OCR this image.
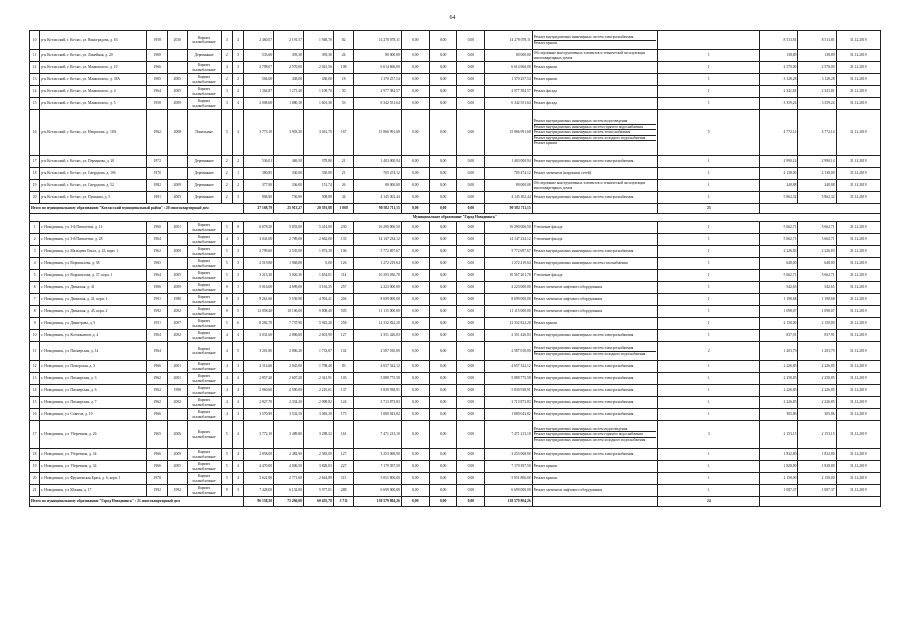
64
10	р-н Котласский, г. Котлас, ул. Виноградова, д. 63	1958	2010	Кирпич шлакоблочные	3	4	2 460,07	2 191,57	1 948,70	82	14 278 078,11	0,00	0,00	0,00	14 278 078,11	Ремонт внутридомовых инженерных систем электроснабжения
Ремонт крыши		8 513,81	8 513,81	31.12.2019
11	р-н Котласский, г. Котлас, ул. Линейная, д. 20	1960		Деревянные	2	3	533,60	393,30	393,30	24	80 000,00	0,00	0,00	0,00	80 000,00	Обследование конструктивных элементов и технической эксплуатации многоквартирных домов	1	138,89	138,89	31.12.2019
12	р-н Котласский, г. Котлас, ул. Маяковского, д. 10	1966		Кирпич шлакоблочные	4	3	2 798,07	2 570,00	2 041,56	108	6 614 666,00	0,00	0,00	0,00	6 614 666,00	Ремонт крыши	1	2 570,00	2 570,00	31.12.2019
13	р-н Котласский, г. Котлас, ул. Маяковского, д. 38А	1985	2005	Кирпич шлакоблочные	2	2	504,00	438,00	438,00	18	1 370 257,54	0,00	0,00	0,00	1 370 257,54	Ремонт крыши	1	3 128,28	3 128,28	31.12.2019
14	р-н Котласский, г. Котлас, ул. Маяковского, д. 4	1964	2005	Кирпич шлакоблочные	3	2	1 364,87	1 271,40	1 109,70	50	2 977 384,57	0,00	0,00	0,00	2 977 384,57	Ремонт фасада	1	2 341,81	2 341,81	31.12.2019
15	р-н Котласский, г. Котлас, ул. Маяковского, д. 5	1958	2009	Кирпич шлакоблочные	3	4	2 008,60	1 880,10	1 601,30	53	6 342 551,64	0,00	0,00	0,00	6 342 551,64	Ремонт фасада	1	3 359,24	3 359,24	31.12.2019
16	р-н Котласский, г. Котлас, ул. Некрасова, д. 18А	1962	2008	Панельные	5	4	3 773,10	3 903,30	3 041,70	167	15 866 991,68	0,00	0,00	0,00	15 866 991,68	Ремонт внутридомовых инженерных систем водоотведения
Ремонт внутридомовых инженерных систем горячего водоснабжения
Ремонт внутридомовых инженерных систем теплоснабжения
Ремонт внутридомовых инженерных систем холодного водоснабжения
Ремонт крыши	5	4 772,14	4 772,14	31.12.2019
17	р-н Котласский, г. Котлас, ул. Пермякова, д. 20	1972		Деревянные	2	2	536,01	469,50	378,80	21	1 403 000,94	0,00	0,00	0,00	1 403 000,94	Ремонт внутридомовых инженерных систем электроснабжения	1	2 990,14	2 990,14	31.12.2019
18	р-н Котласский, г. Котлас, ул. Свердлова, д. 10б	1970		Деревянные	2	1	380,85	330,00	330,00	21	705 474,12	0,00	0,00	0,00	705 474,12	Ремонт элементов (наружных сетей)	1	2 138,00	2 138,00	31.12.2019
19	р-н Котласский, г. Котлас, ул. Свердлова, д. 52	1982	2009	Деревянные	2	2	377,90	336,00	151,74	26	80 000,00	0,00	0,00	0,00	80 000,00	Обследование конструктивных элементов и технической эксплуатации многоквартирных домов	1	240,88	240,88	31.12.2019
20	р-н Котласский, г. Котлас, ул. Пушкина, д. 5	1981	2005	Деревянные	2	3	806,90	736,90	508,88	34	4 145 302,44	0,00	0,00	0,00	4 145 302,44	Ремонт внутридомовых инженерных систем электроснабжения	1	5 862,32	5 862,32	31.12.2019
Итого по муниципальному образованию "Котласский муниципальный район" : 20 многоквартирный дом							27 168,79	25 913,27	20 391,88	1 068	90 582 711,15	0,00	0,00	0,00	90 582 711,15		25			
Муниципальное образование "Город Новодвинск"																				
1	г. Новодвинск, ул. 3-й Пятилетки, д. 14	1960	2001	Кирпич шлакоблочные	5	8	6 078,50	5 833,00	5 414,00	230	16 290 006,50	0,00	0,00	0,00	16 290 006,50	Утепление фасада	1	5 662,71	5 662,71	31.12.2019
2	г. Новодвинск, ул. 3-й Пятилетки, д. 28	1964		Кирпич шлакоблочные	4	3	3 041,00	2 789,00	2 662,00	133	14 147 234,12	0,00	0,00	0,00	14 147 234,12	Утепление фасада	1	5 662,71	5 662,71	31.12.2019
3	г. Новодвинск, ул. Мальцева Ольга, д. 43, корп. 1	1962	2000	Кирпич шлакоблочные	5	3	2 799,60	2 535,00	1 874,30	106	5 772 697,67	0,00	0,00	0,00	5 772 697,67	Ремонт внутридомовых инженерных систем электроснабжения	1	2 226,83	2 226,83	31.12.2019
4	г. Новодвинск, ул. Ворошилова, д. 38	1965		Кирпич шлакоблочные	5	3	2 519,80	1 968,80	0,00	126	1 272 219,64	0,00	0,00	0,00	1 272 219,64	Ремонт внутридомовых инженерных систем газоснабжения	1	648,00	648,00	31.12.2019
5	г. Новодвинск, ул. Ворошилова, д. 37, корп. 1	1964	2005	Кирпич шлакоблочные	5	3	3 213,30	3 026,30	1 654,01	114	10 293 036,78	0,00	0,00	0,00	10 567 201,78	Утепление фасада	1	5 662,71	5 662,71	31.12.2019
6	г. Новодвинск, ул. Двинская, д. 41	1986	2009	Кирпич шлакоблочные	9	1	5 016,00	4 699,00	3 163,35	257	2 223 000,00	0,00	0,00	0,00	2 223 000,00	Ремонт элементов лифтового оборудования	1	542,65	542,65	31.12.2019
7	г. Новодвинск, ул. Двинская, д. 41, корп. 1	1991	1990	Кирпич шлакоблочные	9	3	9 261,60	5 539,90	4 992,41	204	8 699 000,00	0,00	0,00	0,00	8 699 000,00	Ремонт элементов лифтового оборудования	1	1 198,68	1 198,68	31.12.2019
8	г. Новодвинск, ул. Двинская, д. 45, корп. 2	1992	2002	Кирпич шлакоблочные	9	5	12 858,40	10 106,00	9 808,40	505	11 115 000,00	0,00	0,00	0,00	11 115 000,00	Ремонт элементов лифтового оборудования	1	1 098,07	1 098,07	31.12.2019
9	г. Новодвинск, ул. Димитрова, д. 5	1951	2007	Кирпич шлакоблочные	5	6	8 282,70	7 737,90	5 945,20	258	12 332 822,20	0,00	0,00	0,00	12 332 822,20	Ремонт крыши	1	2 150,00	2 150,00	31.12.2019
10	г. Новодвинск, ул. Космонавтов, д. 4	1964	2002	Кирпич шлакоблочные	4	4	3 031,60	2 806,60	2 601,90	127	2 351 426,83	0,00	0,00	0,00	2 351 426,83	Ремонт внутридомовых инженерных систем электроснабжения	1	837,91	837,91	31.12.2019
11	г. Новодвинск, ул. Пионерская, д. 14	1964		Кирпич шлакоблочные	4	5	3 201,80	2 806,20	1 733,87	102	2 587 010,00	0,00	0,00	0,00	2 587 010,00	Ремонт внутридомовых инженерных систем электроснабжения
Ремонт внутридомовых инженерных систем холодного водоснабжения	2	1 203,79	1 203,79	31.12.2019
12	г. Новодвинск, ул. Поморская, д. 3	1966	2001	Кирпич шлакоблочные	4	3	2 114,60	2 045,00	1 798,40	83	4 657 322,12	0,00	0,00	0,00	4 657 322,12	Ремонт внутридомовых инженерных систем электроснабжения	1	2 226,85	2 226,85	31.12.2019
13	г. Новодвинск, ул. Пионерская, д. 3	1962	2001	Кирпич шлакоблочные	4	4	2 857,20	2 607,20	2 341,91	105	5 888 775,58	0,00	0,00	0,00	5 888 775,58	Ремонт внутридомовых инженерных систем электроснабжения	1	2 258,85	2 258,85	31.12.2019
14	г. Новодвинск, ул. Пионерская, д. 6	1962	1998	Кирпич шлакоблочные	4	4	2 960,60	2 590,00	2 210,61	137	5 830 938,91	0,00	0,00	0,00	5 830 938,91	Ремонт внутридомовых инженерных систем электроснабжения	1	2 226,85	2 226,85	31.12.2019
15	г. Новодвинск, ул. Пионерская, д. 7	1962	2002	Кирпич шлакоблочные	4	4	2 827,70	2 334,20	2 098,82	124	3 713 873,83	0,00	0,00	0,00	3 713 873,83	Ремонт внутридомовых инженерных систем электроснабжения	1	2 226,85	2 226,85	31.12.2019
16	г. Новодвинск, ул. Советов, д. 19	1966		Кирпич шлакоблочные	4	3	3 570,90	3 532,50	3 065,30	175	1 080 043,82	0,00	0,00	0,00	1 080 043,82	Ремонт внутридомовых инженерных систем электроснабжения	1	305,86	305,86	31.12.2019
17	г. Новодвинск, ул. Уборевича, д. 26	1965	2006	Кирпич шлакоблочные	5	4	3 772,10	3 489,80	3 288,32	161	7 471 213,10	0,00	0,00	0,00	7 471 213,10	Ремонт внутридомовых инженерных систем водоотведения
Ремонт внутридомовых инженерных систем горячего водоснабжения
Ремонт внутридомовых инженерных систем холодного водоснабжения	3	2 153,15	2 153,15	31.12.2019
18	г. Новодвинск, ул. Уборевича, д. 34	1966	2009	Кирпич шлакоблочные	5	4	2 858,00	2 482,90	2 383,09	127	3 253 068,90	0,00	0,00	0,00	3 253 068,90	Ремонт внутридомовых инженерных систем электроснабжения	1	1 832,80	1 832,80	31.12.2019
19	г. Новодвинск, ул. Уборевича, д. 34	1966	2005	Кирпич шлакоблочные	5	4	4 470,00	4 006,50	3 828,03	227	7 179 397,50	0,00	0,00	0,00	7 179 397,50	Ремонт крыши	1	1 828,80	1 828,80	31.12.2019
20	г. Новодвинск, ул. Фрунзенская Брата, д. 6, корп. 1	1970		Кирпич шлакоблочные	5	4	3 622,90	2 771,00	2 644,89	115	5 051 806,00	0,00	0,00	0,00	5 051 806,00	Ремонт крыши	1	2 158,00	2 158,00	31.12.2019
21	г. Новодвинск, ул. Южная, д. 17	1992	1992	Кирпич шлакоблочные	9	3	7 428,00	6 132,00	5 977,01	288	6 699 000,00	0,00	0,00	0,00	6 699 000,00	Ремонт элементов лифтового оборудования	1	1 087,37	1 087,37	31.12.2019
Итого по муниципальному образованию "Город Новодвинск" : 21 многоквартирный дом							86 158,50	75 266,00	60 455,78	3 711	138 579 804,26	0,00	0,00	0,00	138 579 804,26		24			
